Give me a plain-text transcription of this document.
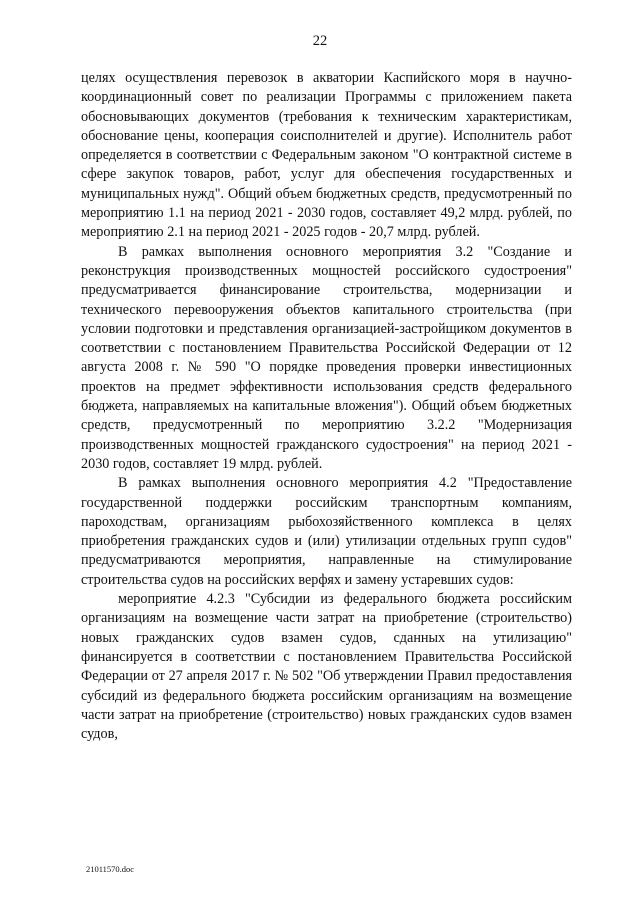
22

целях осуществления перевозок в акватории Каспийского моря в научно-координационный совет по реализации Программы с приложением пакета обосновывающих документов (требования к техническим характеристикам, обоснование цены, кооперация соисполнителей и другие). Исполнитель работ определяется в соответствии с Федеральным законом "О контрактной системе в сфере закупок товаров, работ, услуг для обеспечения государственных и муниципальных нужд". Общий объем бюджетных средств, предусмотренный по мероприятию 1.1 на период 2021 - 2030 годов, составляет 49,2 млрд. рублей, по мероприятию 2.1 на период 2021 - 2025 годов - 20,7 млрд. рублей.

В рамках выполнения основного мероприятия 3.2 "Создание и реконструкция производственных мощностей российского судостроения" предусматривается финансирование строительства, модернизации и технического перевооружения объектов капитального строительства (при условии подготовки и представления организацией-застройщиком документов в соответствии с постановлением Правительства Российской Федерации от 12 августа 2008 г. № 590 "О порядке проведения проверки инвестиционных проектов на предмет эффективности использования средств федерального бюджета, направляемых на капитальные вложения"). Общий объем бюджетных средств, предусмотренный по мероприятию 3.2.2 "Модернизация производственных мощностей гражданского судостроения" на период 2021 - 2030 годов, составляет 19 млрд. рублей.

В рамках выполнения основного мероприятия 4.2 "Предоставление государственной поддержки российским транспортным компаниям, пароходствам, организациям рыбохозяйственного комплекса в целях приобретения гражданских судов и (или) утилизации отдельных групп судов" предусматриваются мероприятия, направленные на стимулирование строительства судов на российских верфях и замену устаревших судов:

мероприятие 4.2.3 "Субсидии из федерального бюджета российским организациям на возмещение части затрат на приобретение (строительство) новых гражданских судов взамен судов, сданных на утилизацию" финансируется в соответствии с постановлением Правительства Российской Федерации от 27 апреля 2017 г. № 502 "Об утверждении Правил предоставления субсидий из федерального бюджета российским организациям на возмещение части затрат на приобретение (строительство) новых гражданских судов взамен судов,

21011570.doc
